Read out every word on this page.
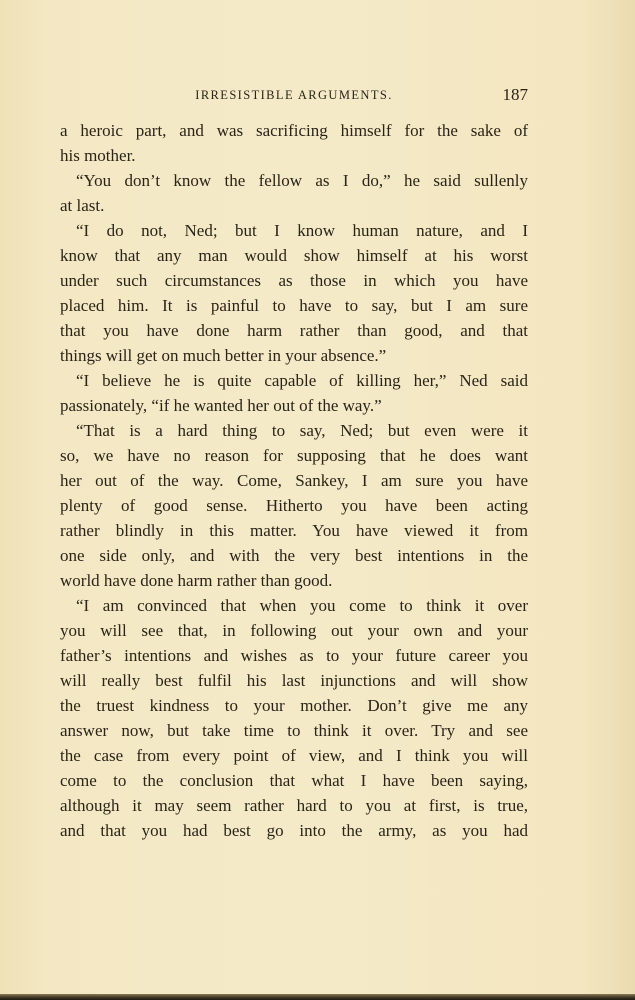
IRRESISTIBLE ARGUMENTS.	187
a heroic part, and was sacrificing himself for the sake of
his mother.
“You don’t know the fellow as I do,” he said sullenly
at last.
“I do not, Ned; but I know human nature, and I
know that any man would show himself at his worst
under such circumstances as those in which you have
placed him. It is painful to have to say, but I am sure
that you have done harm rather than good, and that
things will get on much better in your absence.”
“I believe he is quite capable of killing her,” Ned said
passionately, “if he wanted her out of the way.”
“That is a hard thing to say, Ned; but even were it
so, we have no reason for supposing that he does want
her out of the way. Come, Sankey, I am sure you have
plenty of good sense. Hitherto you have been acting
rather blindly in this matter. You have viewed it from
one side only, and with the very best intentions in the
world have done harm rather than good.
“I am convinced that when you come to think it over
you will see that, in following out your own and your
father’s intentions and wishes as to your future career you
will really best fulfil his last injunctions and will show
the truest kindness to your mother. Don’t give me any
answer now, but take time to think it over. Try and see
the case from every point of view, and I think you will
come to the conclusion that what I have been saying,
although it may seem rather hard to you at first, is true,
and that you had best go into the army, as you had
